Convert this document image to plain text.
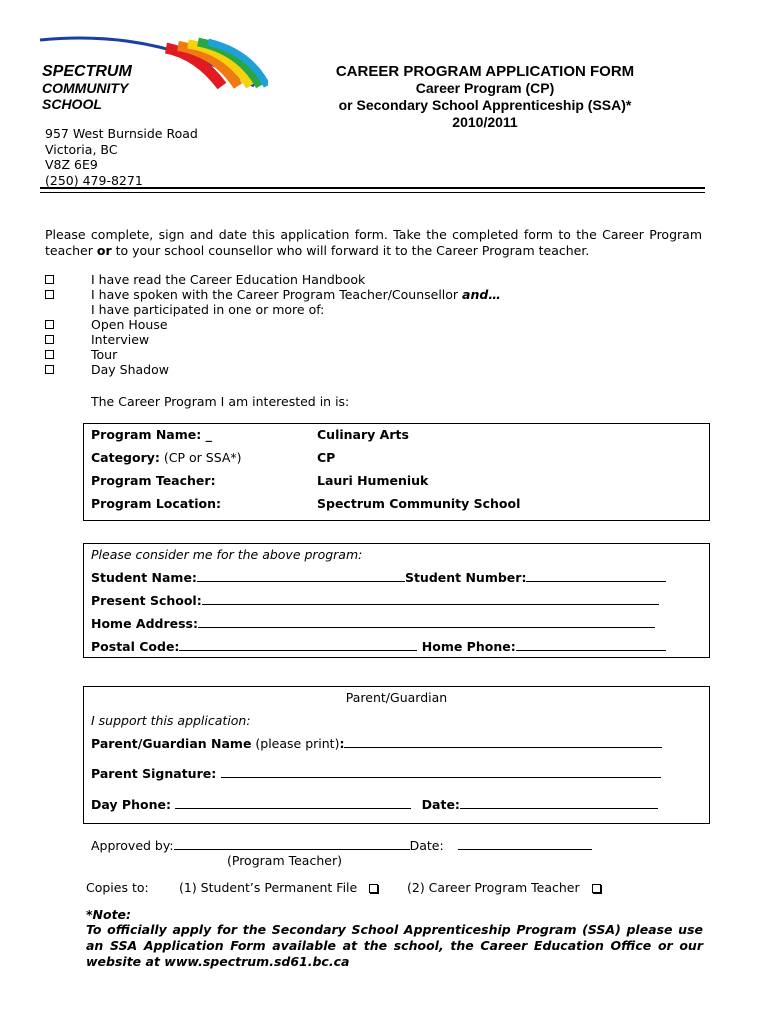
SPECTRUM
COMMUNITY
SCHOOL
957 West Burnside Road
Victoria, BC
V8Z 6E9
(250) 479-8271
CAREER PROGRAM APPLICATION FORM
Career Program (CP)
or Secondary School Apprenticeship (SSA)*
2010/2011
Please complete, sign and date this application form. Take the completed form to the Career Program teacher or to your school counsellor who will forward it to the Career Program teacher.
I have read the Career Education Handbook
I have spoken with the Career Program Teacher/Counsellor and…
I have participated in one or more of:
Open House
Interview
Tour
Day Shadow
The Career Program I am interested in is:
Program Name: _	Culinary Arts
Category: (CP or SSA*)	CP
Program Teacher:	Lauri Humeniuk
Program Location:	Spectrum Community School
Please consider me for the above program:
Student Name:	Student Number:
Present School:
Home Address:
Postal Code:	Home Phone:
Parent/Guardian
I support this application:
Parent/Guardian Name (please print):
Parent Signature:
Day Phone:	Date:
Approved by:	Date:
(Program Teacher)
Copies to: (1) Student’s Permanent File	(2) Career Program Teacher
*Note:
To officially apply for the Secondary School Apprenticeship Program (SSA) please use an SSA Application Form available at the school, the Career Education Office or our website at www.spectrum.sd61.bc.ca
